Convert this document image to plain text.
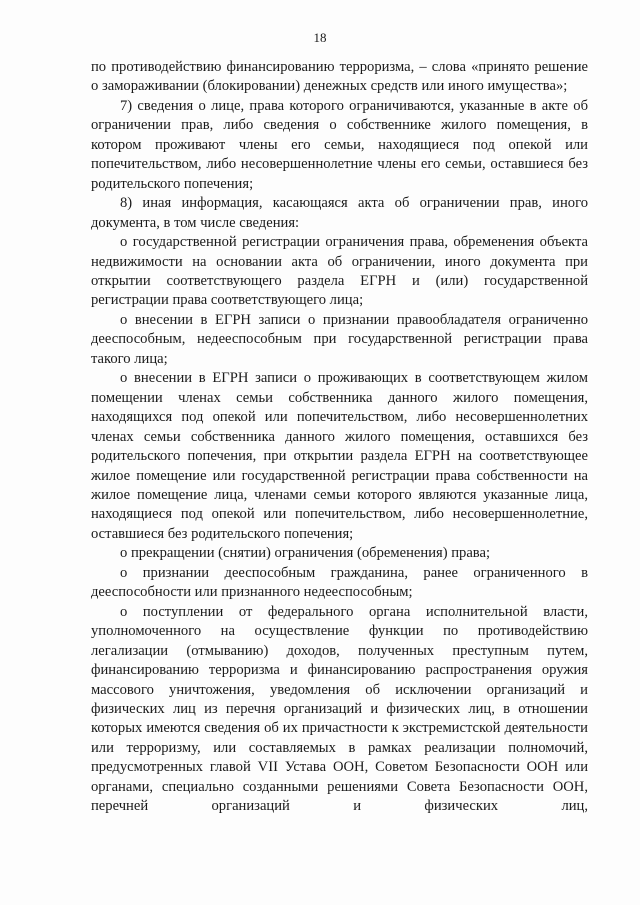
18

по противодействию финансированию терроризма, – слова «принято решение о замораживании (блокировании) денежных средств или иного имущества»;

7) сведения о лице, права которого ограничиваются, указанные в акте об ограничении прав, либо сведения о собственнике жилого помещения, в котором проживают члены его семьи, находящиеся под опекой или попечительством, либо несовершеннолетние члены его семьи, оставшиеся без родительского попечения;

8) иная информация, касающаяся акта об ограничении прав, иного документа, в том числе сведения:

о государственной регистрации ограничения права, обременения объекта недвижимости на основании акта об ограничении, иного документа при открытии соответствующего раздела ЕГРН и (или) государственной регистрации права соответствующего лица;

о внесении в ЕГРН записи о признании правообладателя ограниченно дееспособным, недееспособным при государственной регистрации права такого лица;

о внесении в ЕГРН записи о проживающих в соответствующем жилом помещении членах семьи собственника данного жилого помещения, находящихся под опекой или попечительством, либо несовершеннолетних членах семьи собственника данного жилого помещения, оставшихся без родительского попечения, при открытии раздела ЕГРН на соответствующее жилое помещение или государственной регистрации права собственности на жилое помещение лица, членами семьи которого являются указанные лица, находящиеся под опекой или попечительством, либо несовершеннолетние, оставшиеся без родительского попечения;

о прекращении (снятии) ограничения (обременения) права;

о признании дееспособным гражданина, ранее ограниченного в дееспособности или признанного недееспособным;

о поступлении от федерального органа исполнительной власти, уполномоченного на осуществление функции по противодействию легализации (отмыванию) доходов, полученных преступным путем, финансированию терроризма и финансированию распространения оружия массового уничтожения, уведомления об исключении организаций и физических лиц из перечня организаций и физических лиц, в отношении которых имеются сведения об их причастности к экстремистской деятельности или терроризму, или составляемых в рамках реализации полномочий, предусмотренных главой VII Устава ООН, Советом Безопасности ООН или органами, специально созданными решениями Совета Безопасности ООН, перечней организаций и физических лиц,
